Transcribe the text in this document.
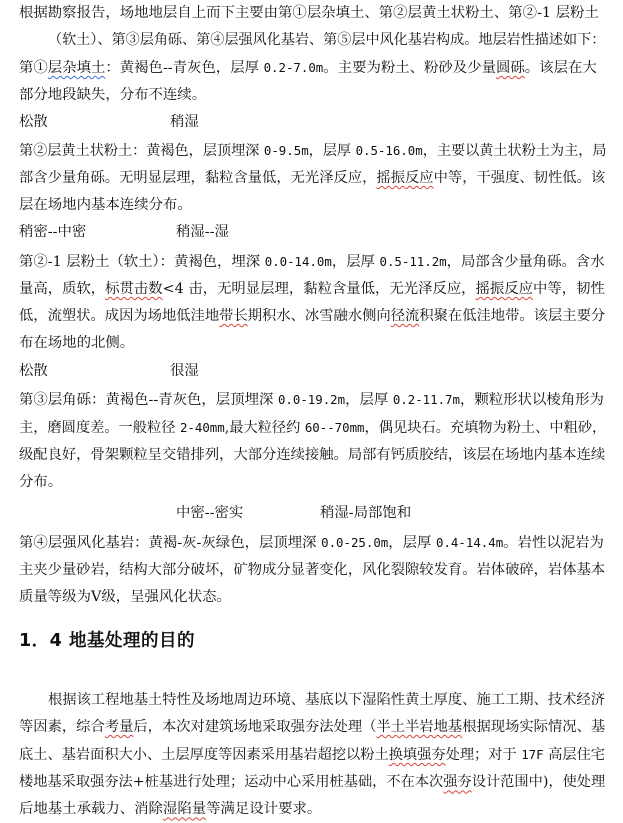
根据勘察报告，场地地层自上而下主要由第①层杂填土、第②层黄土状粉土、第②-1 层粉土
（软土）、第③层角砾、第④层强风化基岩、第⑤层中风化基岩构成。地层岩性描述如下：
第①层杂填土：黄褐色--青灰色，层厚 0.2-7.0m。主要为粉土、粉砂及少量圆砾。该层在大
部分地段缺失，分布不连续。
松散	稍湿
第②层黄土状粉土：黄褐色，层顶埋深 0-9.5m，层厚 0.5-16.0m，主要以黄土状粉土为主，局
部含少量角砾。无明显层理，黏粒含量低，无光泽反应，摇振反应中等，干强度、韧性低。该
层在场地内基本连续分布。
稍密--中密	稍湿--湿
第②-1 层粉土（软土）：黄褐色，埋深 0.0-14.0m，层厚 0.5-11.2m，局部含少量角砾。含水
量高，质软，标贯击数<4 击，无明显层理，黏粒含量低，无光泽反应，摇振反应中等，韧性
低，流塑状。成因为场地低洼地带长期积水、冰雪融水侧向径流积聚在低洼地带。该层主要分
布在场地的北侧。
松散	很湿
第③层角砾：黄褐色--青灰色，层顶埋深 0.0-19.2m，层厚 0.2-11.7m，颗粒形状以棱角形为
主，磨圆度差。一般粒径 2-40mm,最大粒径约 60--70mm，偶见块石。充填物为粉土、中粗砂，
级配良好，骨架颗粒呈交错排列，大部分连续接触。局部有钙质胶结，该层在场地内基本连续
分布。
中密--密实	稍湿-局部饱和
第④层强风化基岩：黄褐-灰-灰绿色，层顶埋深 0.0-25.0m，层厚 0.4-14.4m。岩性以泥岩为
主夹少量砂岩，结构大部分破坏，矿物成分显著变化，风化裂隙较发育。岩体破碎，岩体基本
质量等级为Ⅴ级，呈强风化状态。
1．4 地基处理的目的
根据该工程地基土特性及场地周边环境、基底以下湿陷性黄土厚度、施工工期、技术经济
等因素，综合考量后，本次对建筑场地采取强夯法处理（半土半岩地基根据现场实际情况、基
底土、基岩面积大小、土层厚度等因素采用基岩超挖以粉土换填强夯处理；对于 17F 高层住宅
楼地基采取强夯法+桩基进行处理；运动中心采用桩基础，不在本次强夯设计范围中)，使处理
后地基土承载力、消除湿陷量等满足设计要求。
